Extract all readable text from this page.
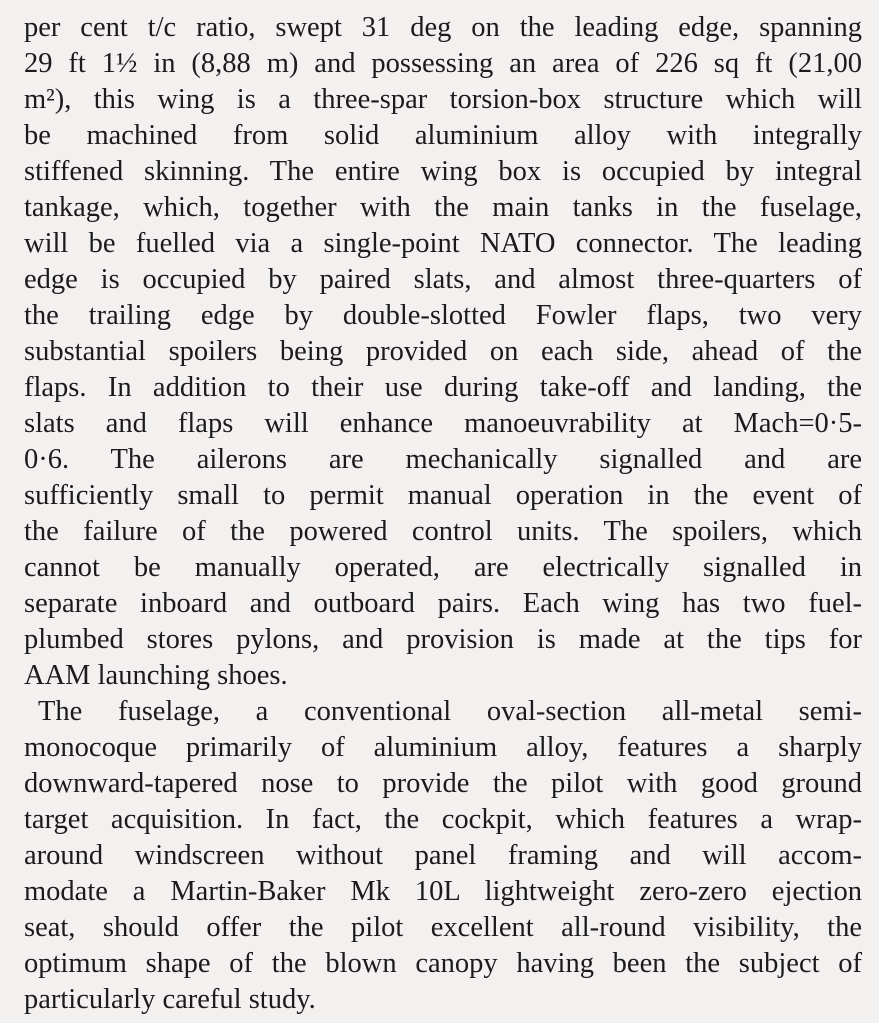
per cent t/c ratio, swept 31 deg on the leading edge, spanning
29 ft 1½ in (8,88 m) and possessing an area of 226 sq ft (21,00
m²), this wing is a three-spar torsion-box structure which will
be machined from solid aluminium alloy with integrally
stiffened skinning. The entire wing box is occupied by integral
tankage, which, together with the main tanks in the fuselage,
will be fuelled via a single-point NATO connector. The leading
edge is occupied by paired slats, and almost three-quarters of
the trailing edge by double-slotted Fowler flaps, two very
substantial spoilers being provided on each side, ahead of the
flaps. In addition to their use during take-off and landing, the
slats and flaps will enhance manoeuvrability at Mach=0·5-
0·6. The ailerons are mechanically signalled and are
sufficiently small to permit manual operation in the event of
the failure of the powered control units. The spoilers, which
cannot be manually operated, are electrically signalled in
separate inboard and outboard pairs. Each wing has two fuel-
plumbed stores pylons, and provision is made at the tips for
AAM launching shoes.
The fuselage, a conventional oval-section all-metal semi-
monocoque primarily of aluminium alloy, features a sharply
downward-tapered nose to provide the pilot with good ground
target acquisition. In fact, the cockpit, which features a wrap-
around windscreen without panel framing and will accom-
modate a Martin-Baker Mk 10L lightweight zero-zero ejection
seat, should offer the pilot excellent all-round visibility, the
optimum shape of the blown canopy having been the subject of
particularly careful study.
